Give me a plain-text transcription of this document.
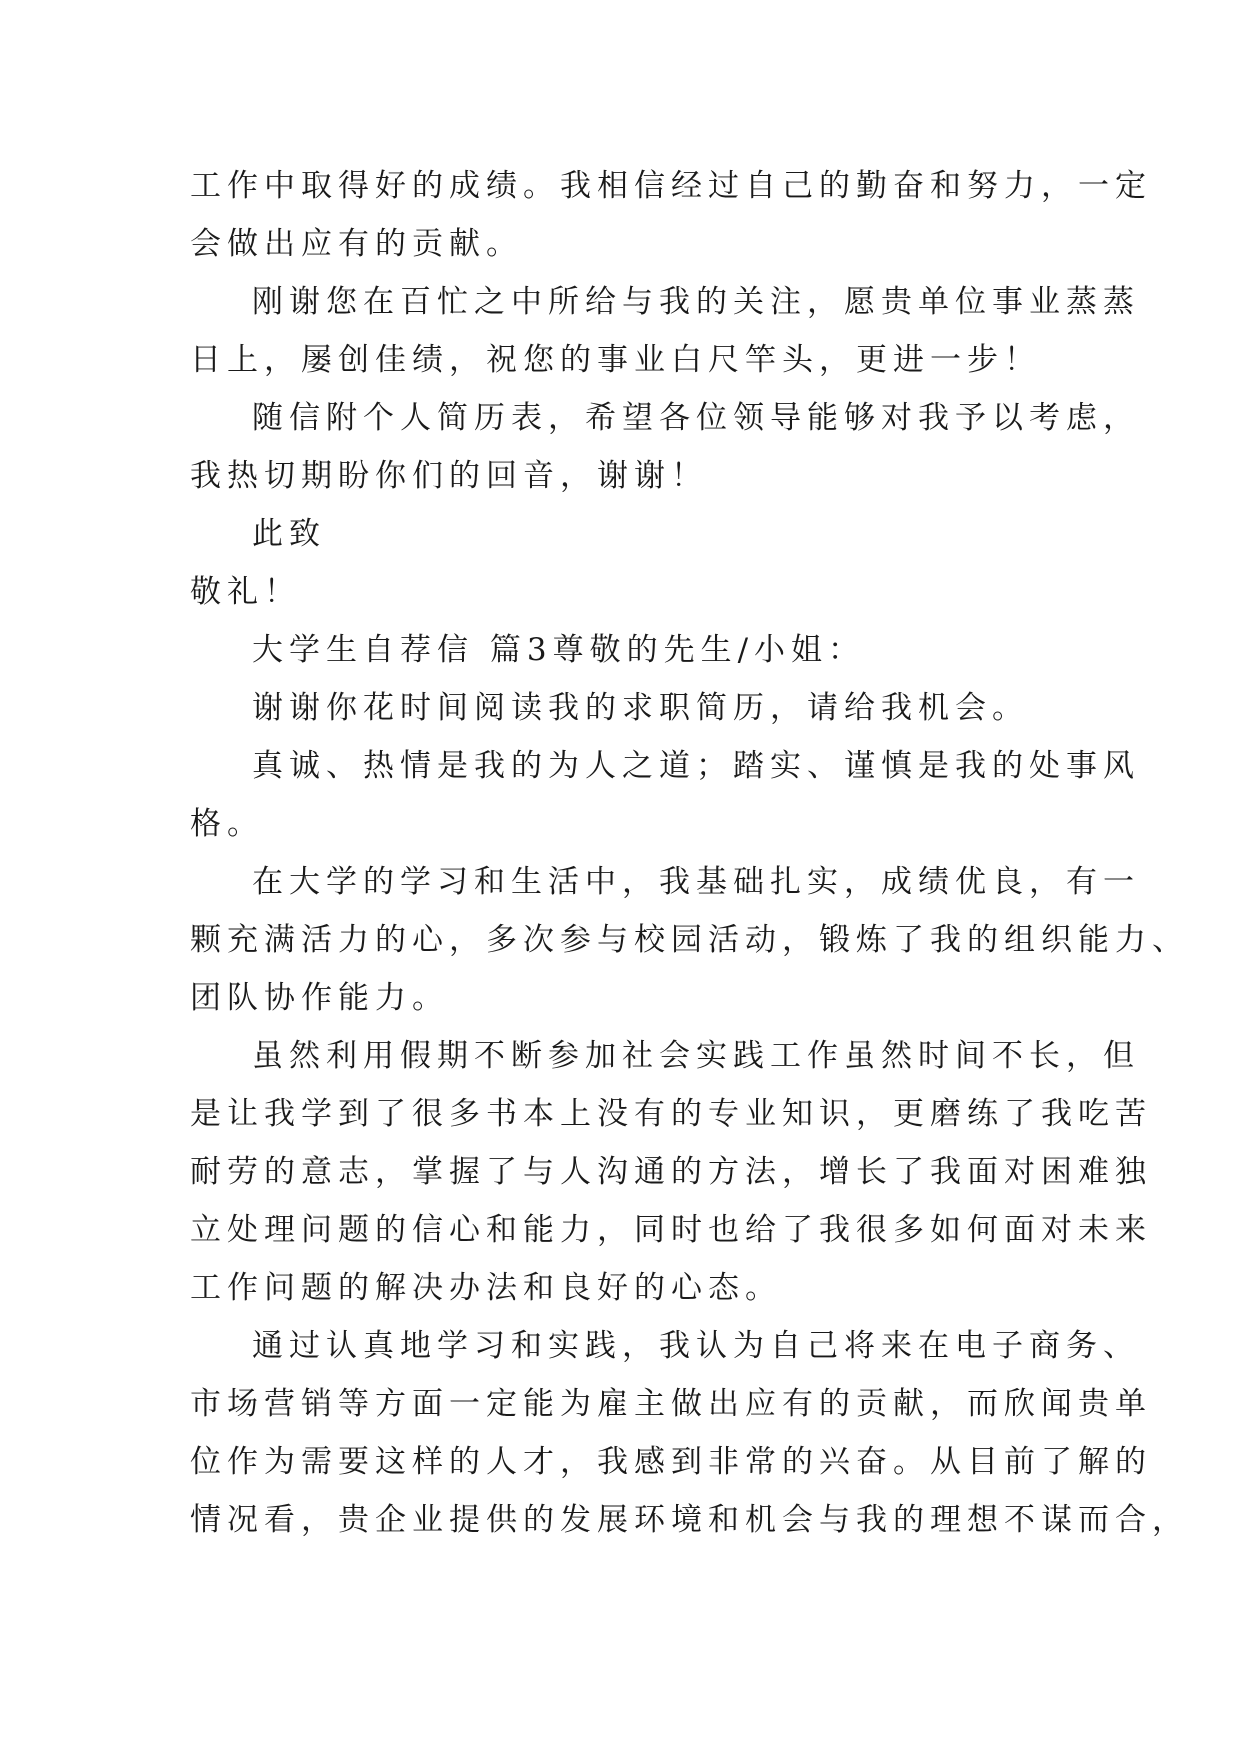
工作中取得好的成绩。我相信经过自己的勤奋和努力，一定
会做出应有的贡献。
刚谢您在百忙之中所给与我的关注，愿贵单位事业蒸蒸
日上，屡创佳绩，祝您的事业白尺竿头，更进一步！
随信附个人简历表，希望各位领导能够对我予以考虑，
我热切期盼你们的回音，谢谢！
此致
敬礼！
大学生自荐信 篇3尊敬的先生/小姐：
谢谢你花时间阅读我的求职简历，请给我机会。
真诚、热情是我的为人之道；踏实、谨慎是我的处事风
格。
在大学的学习和生活中，我基础扎实，成绩优良，有一
颗充满活力的心，多次参与校园活动，锻炼了我的组织能力、
团队协作能力。
虽然利用假期不断参加社会实践工作虽然时间不长，但
是让我学到了很多书本上没有的专业知识，更磨练了我吃苦
耐劳的意志，掌握了与人沟通的方法，增长了我面对困难独
立处理问题的信心和能力，同时也给了我很多如何面对未来
工作问题的解决办法和良好的心态。
通过认真地学习和实践，我认为自己将来在电子商务、
市场营销等方面一定能为雇主做出应有的贡献，而欣闻贵单
位作为需要这样的人才，我感到非常的兴奋。从目前了解的
情况看，贵企业提供的发展环境和机会与我的理想不谋而合，
